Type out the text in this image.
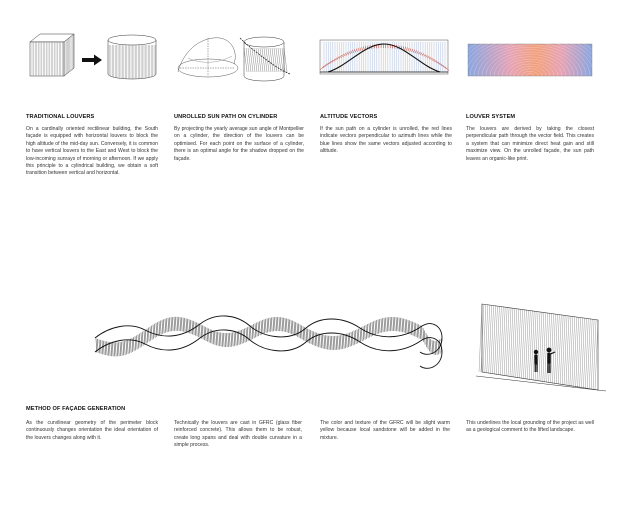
TRADITIONAL LOUVERS
On a cardinally oriented rectilinear building, the South façade is equipped with horizontal louvers to block the high altitude of the mid-day sun. Conversely, it is common to have vertical louvers to the East and West to block the low-incoming sunrays of morning or afternoon. If we apply this principle to a cylindrical building, we obtain a soft transition between vertical and horizontal.
UNROLLED SUN PATH ON CYLINDER
By projecting the yearly average sun angle of Montpellier on a cylinder, the direction of the louvers can be optimised. For each point on the surface of a cylinder, there is an optimal angle for the shadow dropped on the façade.
ALTITUDE VECTORS
If the sun path on a cylinder is unrolled, the red lines indicate vectors perpendicular to azimuth lines while the blue lines show the same vectors adjusted according to altitude.
LOUVER SYSTEM
The louvers are derived by taking the closest perpendicular path through the vector field. This creates a system that can minimize direct heat gain and still maximize view. On the unrolled façade, the sun path leaves an organic-like print.
METHOD OF FAÇADE GENERATION
As the curvilinear geometry of the perimeter block continuously changes orientation the ideal orientation of the louvers changes along with it.
Technically the louvers are cast in GFRC (glass fiber reinforced concrete). This allows them to be robust, create long spans and deal with double curvature in a simple process.
The color and texture of the GFRC will be slight warm yellow because local sandstone will be added in the mixture.
This underlines the local grounding of the project as well as a geological comment to the lifted landscape.
